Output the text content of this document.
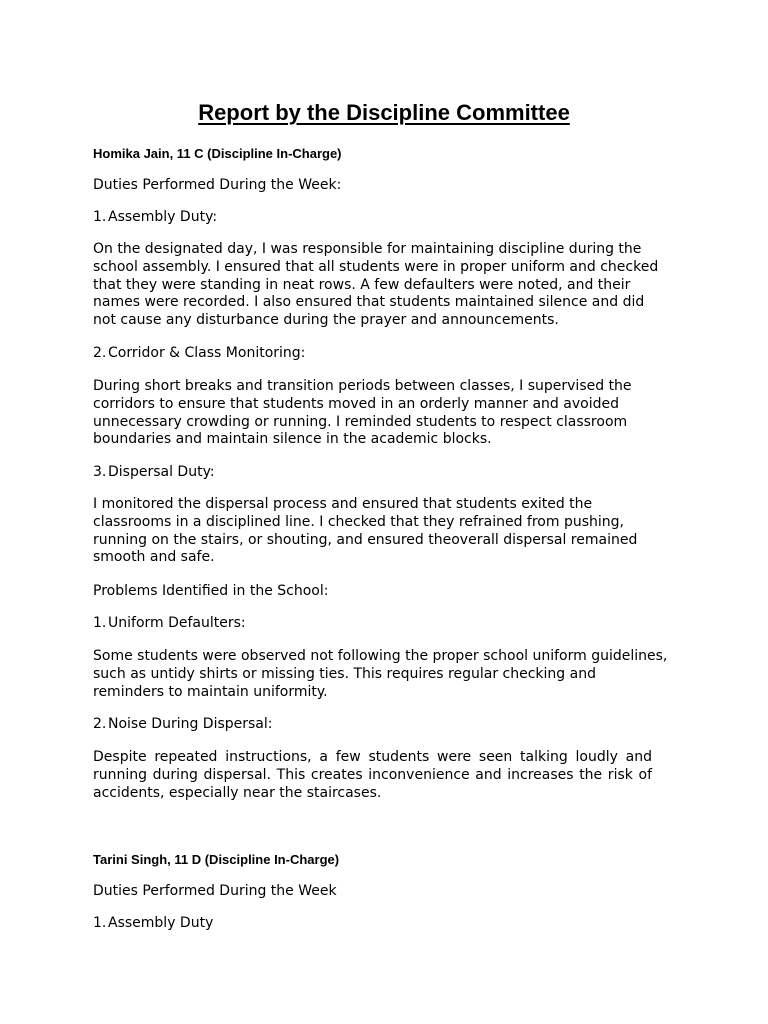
Report by the Discipline Committee

Homika Jain, 11 C (Discipline In-Charge)

Duties Performed During the Week:

1. Assembly Duty:

On the designated day, I was responsible for maintaining discipline during the
school assembly. I ensured that all students were in proper uniform and checked
that they were standing in neat rows. A few defaulters were noted, and their
names were recorded. I also ensured that students maintained silence and did
not cause any disturbance during the prayer and announcements.

2. Corridor & Class Monitoring:

During short breaks and transition periods between classes, I supervised the
corridors to ensure that students moved in an orderly manner and avoided
unnecessary crowding or running. I reminded students to respect classroom
boundaries and maintain silence in the academic blocks.

3. Dispersal Duty:

I monitored the dispersal process and ensured that students exited the
classrooms in a disciplined line. I checked that they refrained from pushing,
running on the stairs, or shouting, and ensured theoverall dispersal remained
smooth and safe.

Problems Identified in the School:

1. Uniform Defaulters:

Some students were observed not following the proper school uniform guidelines,
such as untidy shirts or missing ties. This requires regular checking and
reminders to maintain uniformity.

2. Noise During Dispersal:

Despite repeated instructions, a few students were seen talking loudly and
running during dispersal. This creates inconvenience and increases the risk of
accidents, especially near the staircases.

Tarini Singh, 11 D (Discipline In-Charge)

Duties Performed During the Week

1. Assembly Duty
